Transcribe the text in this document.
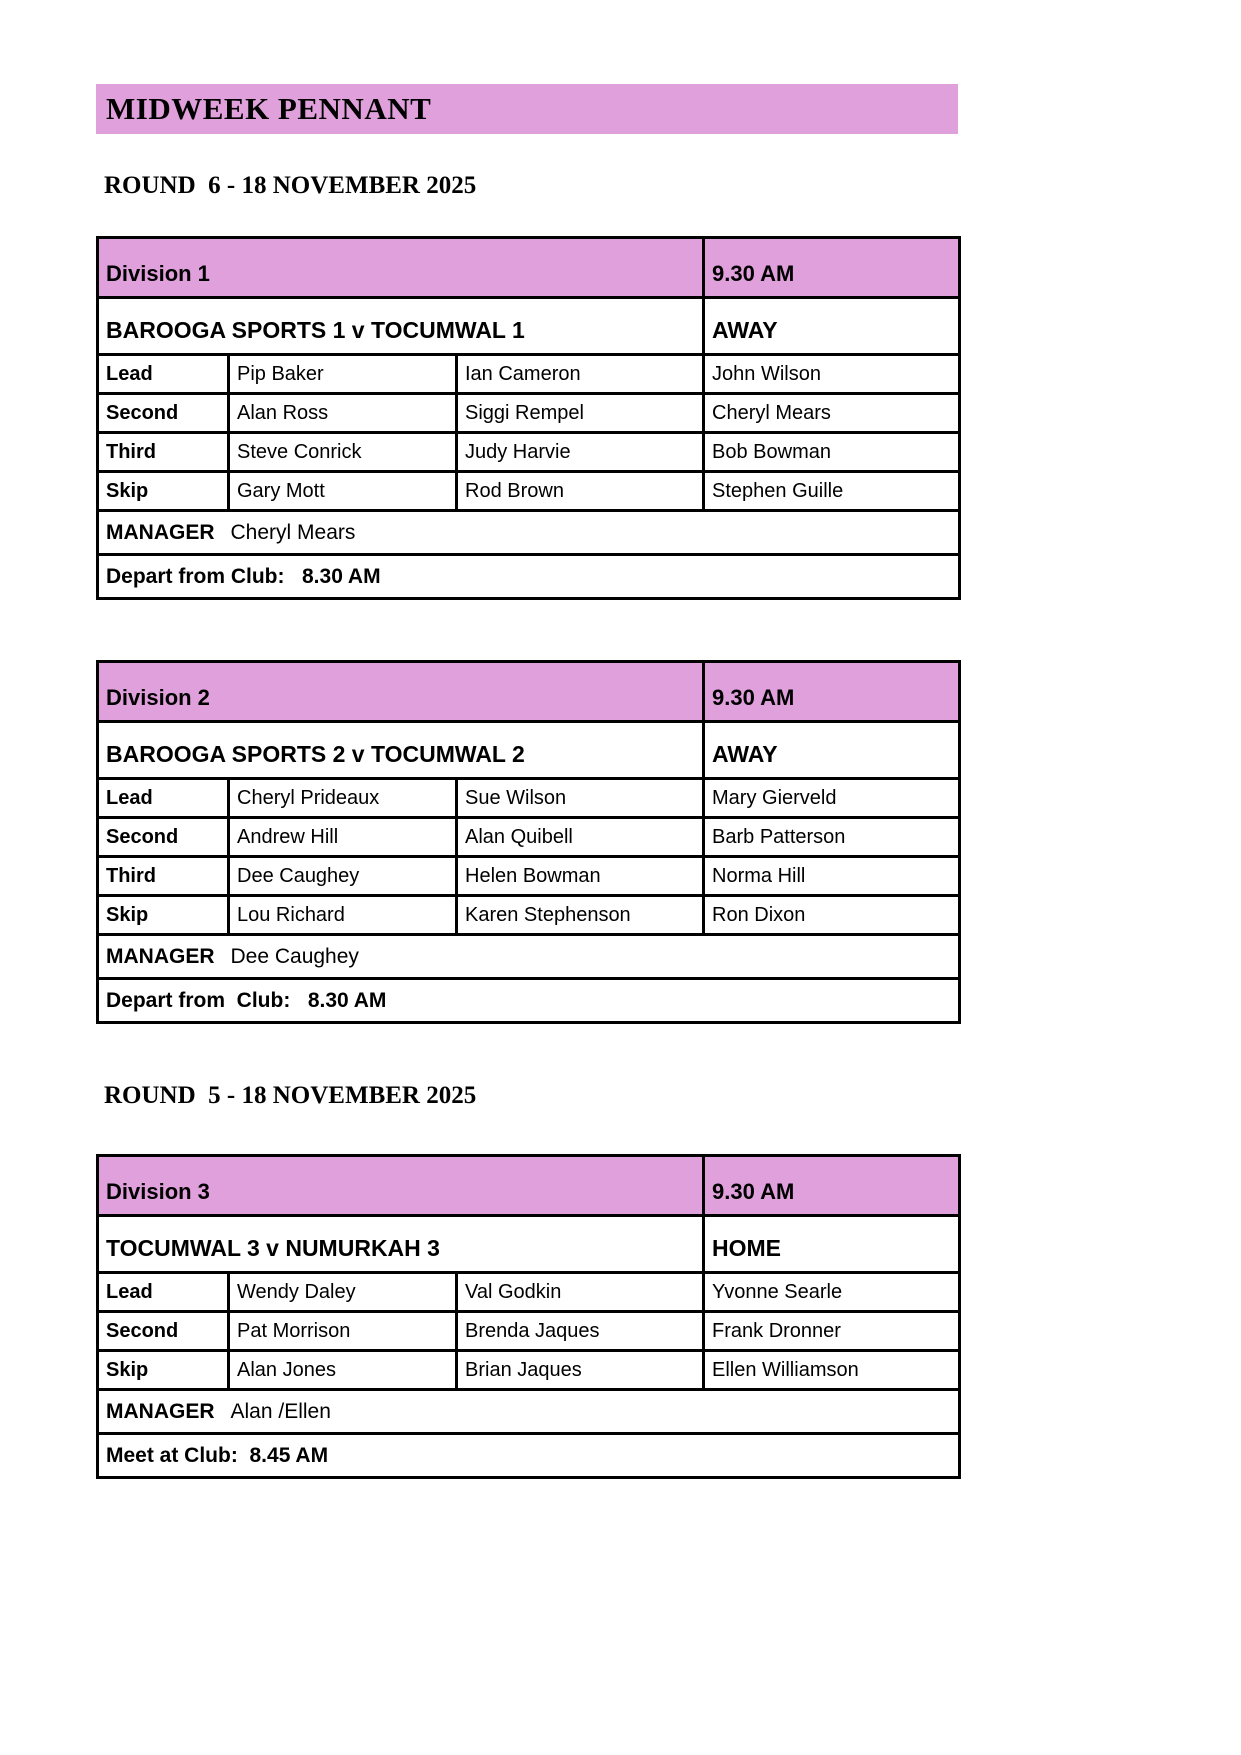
MIDWEEK PENNANT
ROUND  6 - 18 NOVEMBER 2025
Division 1			9.30 AM
BAROOGA SPORTS 1 v TOCUMWAL 1			AWAY
Lead	Pip Baker	Ian Cameron	John Wilson
Second	Alan Ross	Siggi Rempel	Cheryl Mears
Third	Steve Conrick	Judy Harvie	Bob Bowman
Skip	Gary Mott	Rod Brown	Stephen Guille
MANAGER Cheryl Mears			
Depart from Club:   8.30 AM			
Division 2			9.30 AM
BAROOGA SPORTS 2 v TOCUMWAL 2			AWAY
Lead	Cheryl Prideaux	Sue Wilson	Mary Gierveld
Second	Andrew Hill	Alan Quibell	Barb Patterson
Third	Dee Caughey	Helen Bowman	Norma Hill
Skip	Lou Richard	Karen Stephenson	Ron Dixon
MANAGER Dee Caughey			
Depart from  Club:   8.30 AM			
ROUND  5 - 18 NOVEMBER 2025
Division 3			9.30 AM
TOCUMWAL 3 v NUMURKAH 3			HOME
Lead	Wendy Daley	Val Godkin	Yvonne Searle
Second	Pat Morrison	Brenda Jaques	Frank Dronner
Skip	Alan Jones	Brian Jaques	Ellen Williamson
MANAGER Alan /Ellen			
Meet at Club:  8.45 AM			
